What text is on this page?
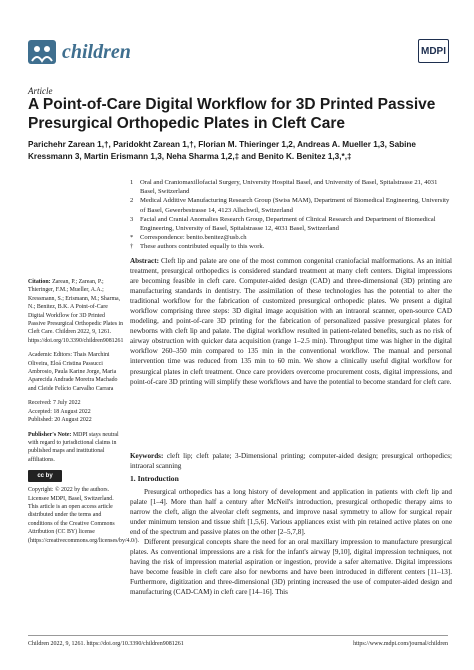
children	MDPI
Article
A Point-of-Care Digital Workflow for 3D Printed Passive Presurgical Orthopedic Plates in Cleft Care
Parichehr Zarean 1,†, Paridokht Zarean 1,†, Florian M. Thieringer 1,2, Andreas A. Mueller 1,3, Sabine Kressmann 3, Martin Erismann 1,3, Neha Sharma 1,2,‡ and Benito K. Benitez 1,3,*,‡
1	Oral and Craniomaxillofacial Surgery, University Hospital Basel, and University of Basel, Spitalstrasse 21, 4031 Basel, Switzerland
2	Medical Additive Manufacturing Research Group (Swiss MAM), Department of Biomedical Engineering, University of Basel, Gewerbestrasse 14, 4123 Allschwil, Switzerland
3	Facial and Cranial Anomalies Research Group, Department of Clinical Research and Department of Biomedical Engineering, University of Basel, Spitalstrasse 12, 4031 Basel, Switzerland
*	Correspondence: benito.benitez@usb.ch
†	These authors contributed equally to this work.

Citation: Zarean, P.; Zarean, P.; Thieringer, F.M.; Mueller, A.A.; Kressmann, S.; Erismann, M.; Sharma, N.; Benitez, B.K. A Point-of-Care Digital Workflow for 3D Printed Passive Presurgical Orthopedic Plates in Cleft Care. Children 2022, 9, 1261. https://doi.org/10.3390/children9081261

Academic Editors: Thais Marchini Oliveira, Eloá Cristina Passucci Ambrosio, Paula Karine Jorge, Maria Aparecida Andrade Moreira Machado and Cleide Felício Carvalho Carrara

Received: 7 July 2022
Accepted: 18 August 2022
Published: 20 August 2022

Publisher's Note: MDPI stays neutral with regard to jurisdictional claims in published maps and institutional affiliations.

cc by

Copyright: © 2022 by the authors. Licensee MDPI, Basel, Switzerland. This article is an open access article distributed under the terms and conditions of the Creative Commons Attribution (CC BY) license (https://creativecommons.org/licenses/by/4.0/).

Abstract: Cleft lip and palate are one of the most common congenital craniofacial malformations. As an initial treatment, presurgical orthopedics is considered standard treatment at many cleft centers. Digital impressions are becoming feasible in cleft care. Computer-aided design (CAD) and three-dimensional (3D) printing are manufacturing standards in dentistry. The assimilation of these technologies has the potential to alter the traditional workflow for the fabrication of customized presurgical orthopedic plates. We present a digital workflow comprising three steps: 3D digital image acquisition with an intraoral scanner, open-source CAD modeling, and point-of-care 3D printing for the fabrication of personalized passive presurgical plates for newborns with cleft lip and palate. The digital workflow resulted in patient-related benefits, such as no risk of airway obstruction with quicker data acquisition (range 1–2.5 min). Throughput time was higher in the digital workflow 260–350 min compared to 135 min in the conventional workflow. The manual and personal intervention time was reduced from 135 min to 60 min. We show a clinically useful digital workflow for presurgical plates in cleft treatment. Once care providers overcome procurement costs, digital impressions, and point-of-care 3D printing will simplify these workflows and have the potential to become standard for cleft care.
Keywords: cleft lip; cleft palate; 3-Dimensional printing; computer-aided design; presurgical orthopedics; intraoral scanning
1. Introduction

Presurgical orthopedics has a long history of development and application in patients with cleft lip and palate [1–4]. More than half a century after McNeil's introduction, presurgical orthopedic therapy aims to narrow the cleft, align the alveolar cleft segments, and improve nasal symmetry to allow for surgical repair under minimum tension and tissue shift [1,5,6]. Various appliances exist with pin retained active plates on one end of the spectrum and passive plates on the other [2–5,7,8].

Different presurgical concepts share the need for an oral maxillary impression to manufacture presurgical plates. As conventional impressions are a risk for the infant's airway [9,10], digital impression techniques, not having the risk of impression material aspiration or ingestion, provide a safer alternative. Digital impressions have become feasible in cleft care also for newborns and have been introduced in different centers [11–13]. Furthermore, digitization and three-dimensional (3D) printing increased the use of computer-aided design and manufacturing (CAD-CAM) in cleft care [14–16]. This

Children 2022, 9, 1261. https://doi.org/10.3390/children9081261	https://www.mdpi.com/journal/children
